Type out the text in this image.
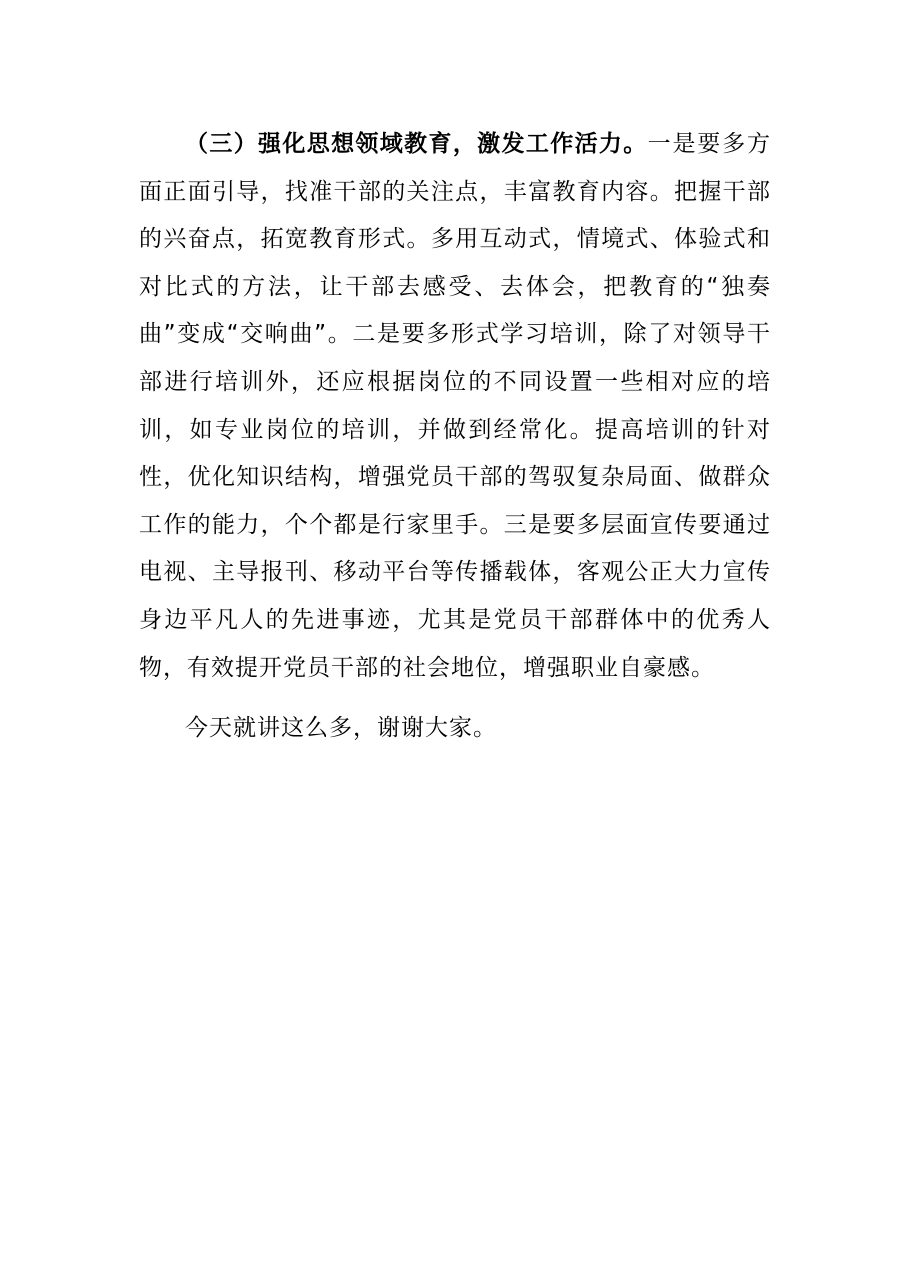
（三）强化思想领域教育，激发工作活力。一是要多方面正面引导，找准干部的关注点，丰富教育内容。把握干部的兴奋点，拓宽教育形式。多用互动式，情境式、体验式和对比式的方法，让干部去感受、去体会，把教育的“独奏曲”变成“交响曲”。二是要多形式学习培训，除了对领导干部进行培训外，还应根据岗位的不同设置一些相对应的培训，如专业岗位的培训，并做到经常化。提高培训的针对性，优化知识结构，增强党员干部的驾驭复杂局面、做群众工作的能力，个个都是行家里手。三是要多层面宣传要通过电视、主导报刊、移动平台等传播载体，客观公正大力宣传身边平凡人的先进事迹，尤其是党员干部群体中的优秀人物，有效提开党员干部的社会地位，增强职业自豪感。

今天就讲这么多，谢谢大家。
